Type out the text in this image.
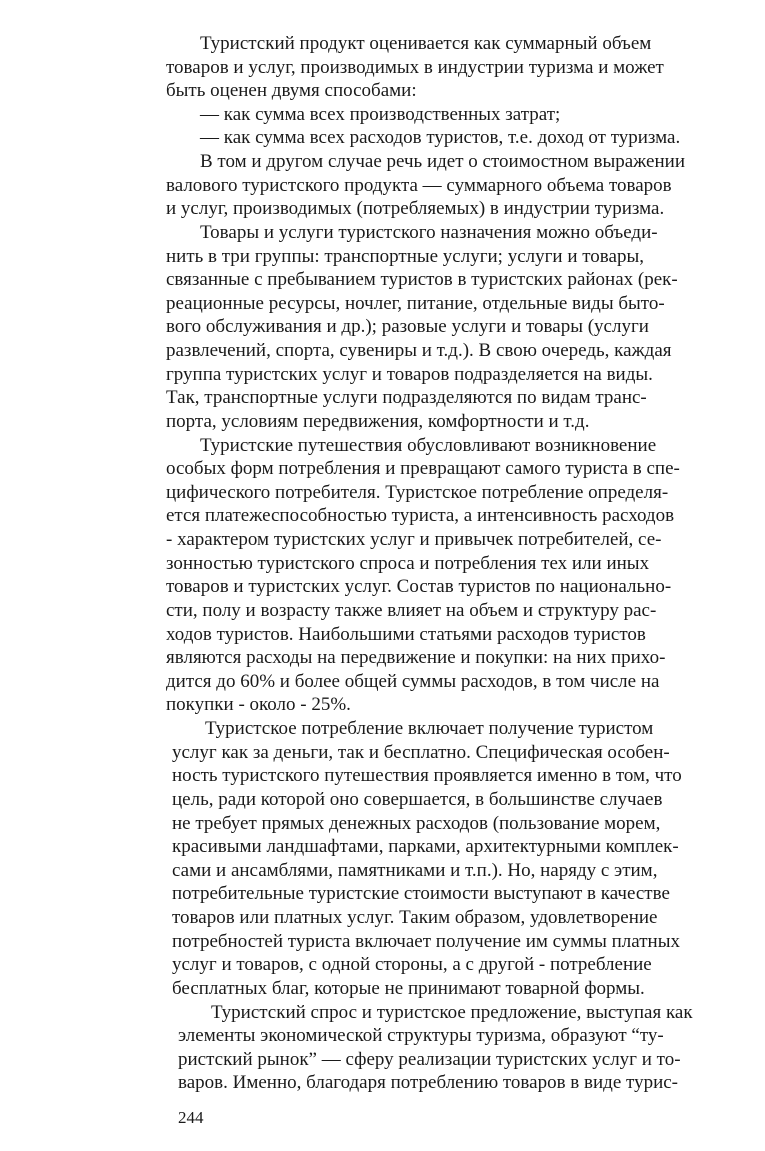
Туристский продукт оценивается как суммарный объем
товаров и услуг, производимых в индустрии туризма и может
быть оценен двумя способами:
— как сумма всех производственных затрат;
— как сумма всех расходов туристов, т.е. доход от туризма.
В том и другом случае речь идет о стоимостном выражении
валового туристского продукта — суммарного объема товаров
и услуг, производимых (потребляемых) в индустрии туризма.
Товары и услуги туристского назначения можно объеди-
нить в три группы: транспортные услуги; услуги и товары,
связанные с пребыванием туристов в туристских районах (рек-
реационные ресурсы, ночлег, питание, отдельные виды быто-
вого обслуживания и др.); разовые услуги и товары (услуги
развлечений, спорта, сувениры и т.д.). В свою очередь, каждая
группа туристских услуг и товаров подразделяется на виды.
Так, транспортные услуги подразделяются по видам транс-
порта, условиям передвижения, комфортности и т.д.
Туристские путешествия обусловливают возникновение
особых форм потребления и превращают самого туриста в спе-
цифического потребителя. Туристское потребление определя-
ется платежеспособностью туриста, а интенсивность расходов
- характером туристских услуг и привычек потребителей, се-
зонностью туристского спроса и потребления тех или иных
товаров и туристских услуг. Состав туристов по национально-
сти, полу и возрасту также влияет на объем и структуру рас-
ходов туристов. Наибольшими статьями расходов туристов
являются расходы на передвижение и покупки: на них прихо-
дится до 60% и более общей суммы расходов, в том числе на
покупки - около - 25%.
Туристское потребление включает получение туристом
услуг как за деньги, так и бесплатно. Специфическая особен-
ность туристского путешествия проявляется именно в том, что
цель, ради которой оно совершается, в большинстве случаев
не требует прямых денежных расходов (пользование морем,
красивыми ландшафтами, парками, архитектурными комплек-
сами и ансамблями, памятниками и т.п.). Но, наряду с этим,
потребительные туристские стоимости выступают в качестве
товаров или платных услуг. Таким образом, удовлетворение
потребностей туриста включает получение им суммы платных
услуг и товаров, с одной стороны, а с другой - потребление
бесплатных благ, которые не принимают товарной формы.
Туристский спрос и туристское предложение, выступая как
элементы экономической структуры туризма, образуют “ту-
ристский рынок” — сферу реализации туристских услуг и то-
варов. Именно, благодаря потреблению товаров в виде турис-
244
